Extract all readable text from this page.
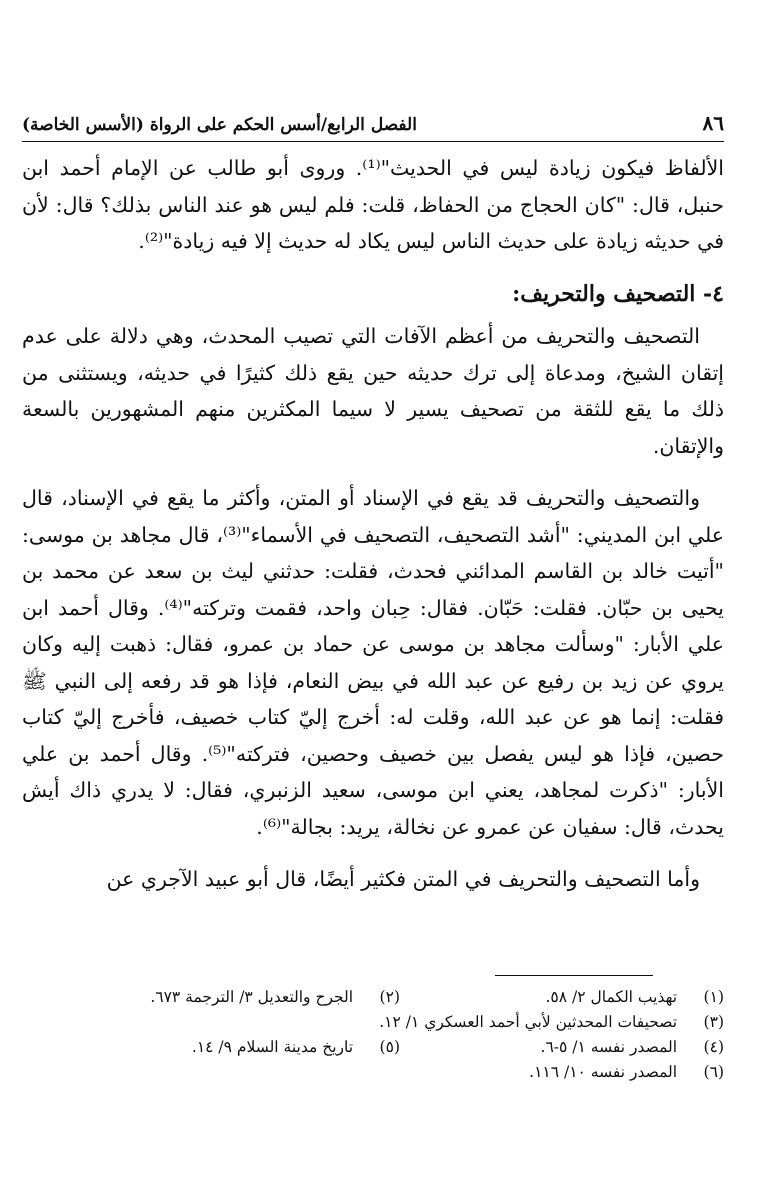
٨٦
الفصل الرابع/أسس الحكم على الرواة (الأسس الخاصة)

الألفاظ فيكون زيادة ليس في الحديث"⁽¹⁾. وروى أبو طالب عن الإمام أحمد ابن حنبل، قال: "كان الحجاج من الحفاظ، قلت: فلم ليس هو عند الناس بذلك؟ قال: لأن في حديثه زيادة على حديث الناس ليس يكاد له حديث إلا فيه زيادة"⁽²⁾.

٤- التصحيف والتحريف:

التصحيف والتحريف من أعظم الآفات التي تصيب المحدث، وهي دلالة على عدم إتقان الشيخ، ومدعاة إلى ترك حديثه حين يقع ذلك كثيرًا في حديثه، ويستثنى من ذلك ما يقع للثقة من تصحيف يسير لا سيما المكثرين منهم المشهورين بالسعة والإتقان.

والتصحيف والتحريف قد يقع في الإسناد أو المتن، وأكثر ما يقع في الإسناد، قال علي ابن المديني: "أشد التصحيف، التصحيف في الأسماء"⁽³⁾، قال مجاهد بن موسى: "أتيت خالد بن القاسم المدائني فحدث، فقلت: حدثني ليث بن سعد عن محمد بن يحيى بن حبّان. فقلت: حَبّان. فقال: حِبان واحد، فقمت وتركته"⁽⁴⁾. وقال أحمد ابن علي الأبار: "وسألت مجاهد بن موسى عن حماد بن عمرو، فقال: ذهبت إليه وكان يروي عن زيد بن رفيع عن عبد الله في بيض النعام، فإذا هو قد رفعه إلى النبي ﷺ فقلت: إنما هو عن عبد الله، وقلت له: أخرج إليّ كتاب خصيف، فأخرج إليّ كتاب حصين، فإذا هو ليس يفصل بين خصيف وحصين، فتركته"⁽⁵⁾. وقال أحمد بن علي الأبار: "ذكرت لمجاهد، يعني ابن موسى، سعيد الزنبري، فقال: لا يدري ذاك أيش يحدث، قال: سفيان عن عمرو عن نخالة، يريد: بجالة"⁽⁶⁾.

وأما التصحيف والتحريف في المتن فكثير أيضًا، قال أبو عبيد الآجري عن

(١) تهذيب الكمال ٢/ ٥٨.
(٢) الجرح والتعديل ٣/ الترجمة ٦٧٣.
(٣) تصحيفات المحدثين لأبي أحمد العسكري ١/ ١٢.
(٤) المصدر نفسه ١/ ٥-٦.
(٥) تاريخ مدينة السلام ٩/ ١٤.
(٦) المصدر نفسه ١٠/ ١١٦.
